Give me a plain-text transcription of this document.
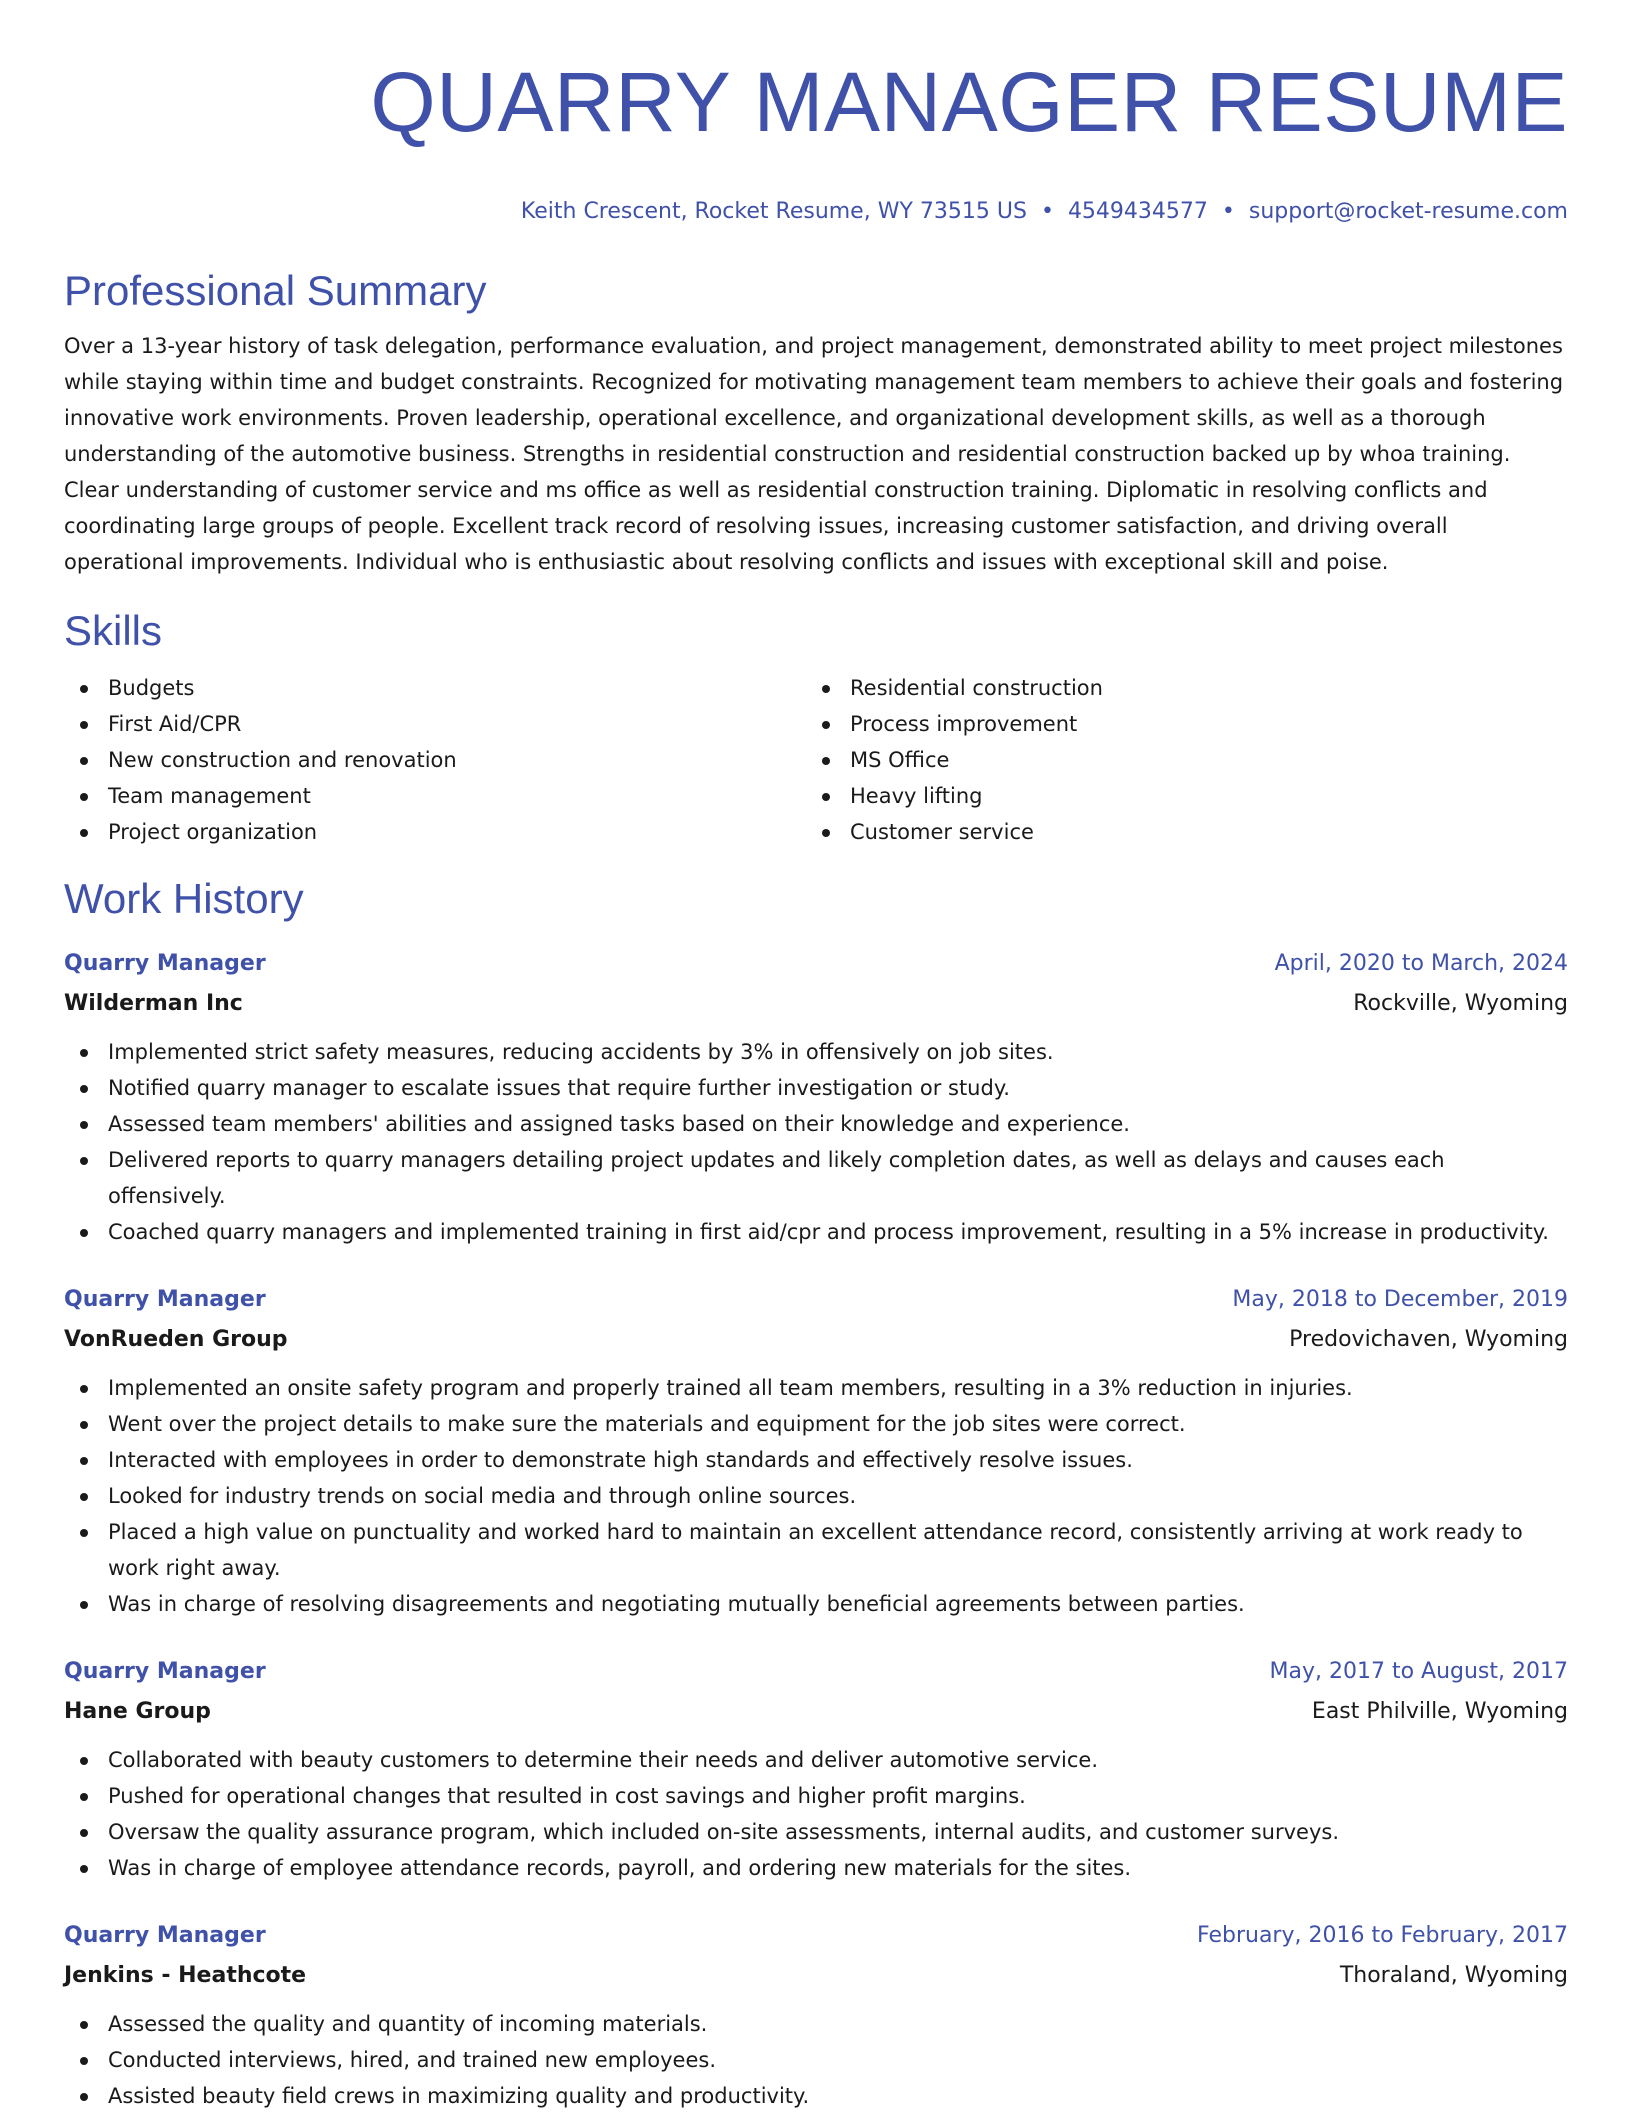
QUARRY MANAGER RESUME
Keith Crescent, Rocket Resume, WY 73515 US • 4549434577 • support@rocket-resume.com
Professional Summary

Over a 13-year history of task delegation, performance evaluation, and project management, demonstrated ability to meet project milestones while staying within time and budget constraints. Recognized for motivating management team members to achieve their goals and fostering innovative work environments. Proven leadership, operational excellence, and organizational development skills, as well as a thorough understanding of the automotive business. Strengths in residential construction and residential construction backed up by whoa training. Clear understanding of customer service and ms office as well as residential construction training. Diplomatic in resolving conflicts and coordinating large groups of people. Excellent track record of resolving issues, increasing customer satisfaction, and driving overall operational improvements. Individual who is enthusiastic about resolving conflicts and issues with exceptional skill and poise.

Skills
Budgets
First Aid/CPR
New construction and renovation
Team management
Project organization
Residential construction
Process improvement
MS Office
Heavy lifting
Customer service
Work History
Quarry Manager	April, 2020 to March, 2024
Wilderman Inc	Rockville, Wyoming
Implemented strict safety measures, reducing accidents by 3% in offensively on job sites.
Notified quarry manager to escalate issues that require further investigation or study.
Assessed team members' abilities and assigned tasks based on their knowledge and experience.
Delivered reports to quarry managers detailing project updates and likely completion dates, as well as delays and causes each offensively.
Coached quarry managers and implemented training in first aid/cpr and process improvement, resulting in a 5% increase in productivity.
Quarry Manager	May, 2018 to December, 2019
VonRueden Group	Predovichaven, Wyoming
Implemented an onsite safety program and properly trained all team members, resulting in a 3% reduction in injuries.
Went over the project details to make sure the materials and equipment for the job sites were correct.
Interacted with employees in order to demonstrate high standards and effectively resolve issues.
Looked for industry trends on social media and through online sources.
Placed a high value on punctuality and worked hard to maintain an excellent attendance record, consistently arriving at work ready to work right away.
Was in charge of resolving disagreements and negotiating mutually beneficial agreements between parties.
Quarry Manager	May, 2017 to August, 2017
Hane Group	East Philville, Wyoming
Collaborated with beauty customers to determine their needs and deliver automotive service.
Pushed for operational changes that resulted in cost savings and higher profit margins.
Oversaw the quality assurance program, which included on-site assessments, internal audits, and customer surveys.
Was in charge of employee attendance records, payroll, and ordering new materials for the sites.
Quarry Manager	February, 2016 to February, 2017
Jenkins - Heathcote	Thoraland, Wyoming
Assessed the quality and quantity of incoming materials.
Conducted interviews, hired, and trained new employees.
Assisted beauty field crews in maximizing quality and productivity.
